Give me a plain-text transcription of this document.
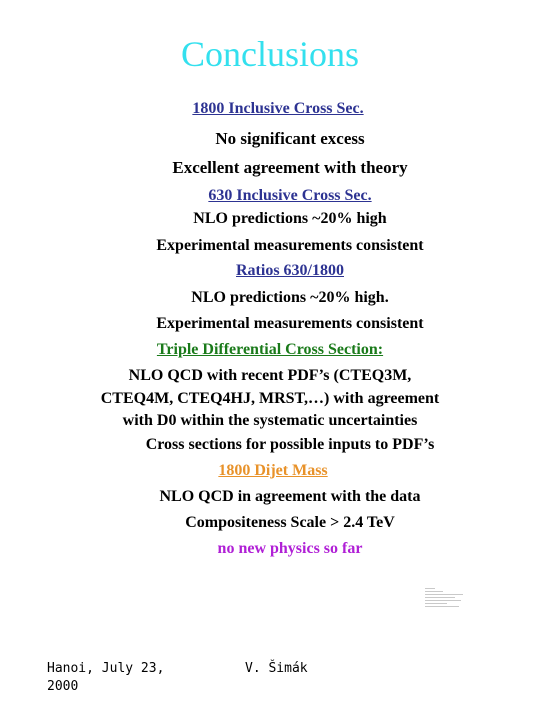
Conclusions
1800 Inclusive Cross Sec.
No significant excess
Excellent agreement with theory
630 Inclusive Cross Sec.
NLO predictions ~20% high
Experimental measurements consistent
Ratios 630/1800
NLO predictions ~20% high.
Experimental measurements consistent
Triple Differential Cross Section:
NLO QCD with recent PDF’s (CTEQ3M,
CTEQ4M, CTEQ4HJ, MRST,…) with agreement
with D0 within the systematic uncertainties
Cross sections for possible inputs to PDF’s
1800 Dijet Mass
NLO QCD in agreement with the data
Compositeness Scale > 2.4 TeV
no new physics so far
Hanoi, July 23,
2000
V. Šimák
